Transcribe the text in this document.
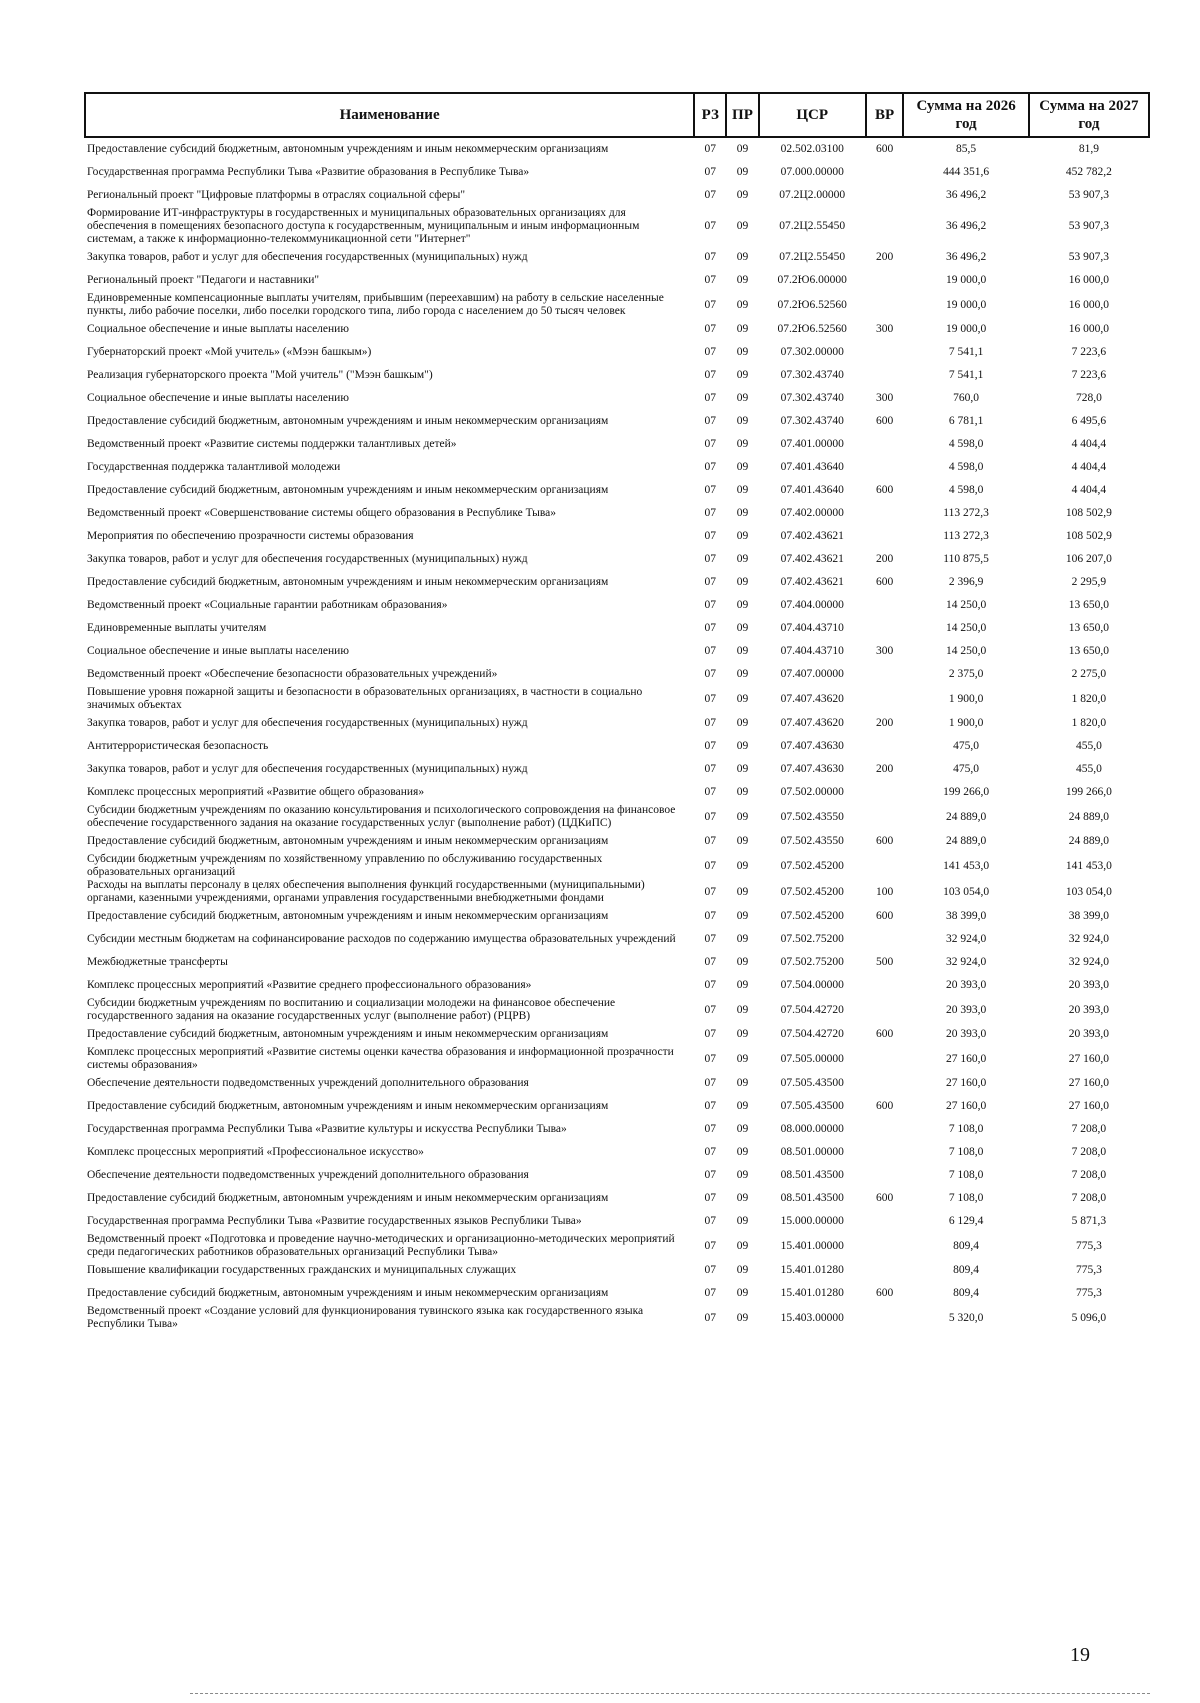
Наименование	РЗ	ПР	ЦСР	ВР	Сумма на 2026 год	Сумма на 2027 год
Предоставление субсидий бюджетным, автономным учреждениям и иным некоммерческим организациям	07	09	02.502.03100	600	85,5	81,9
Государственная программа Республики Тыва «Развитие образования в Республике Тыва»	07	09	07.000.00000		444 351,6	452 782,2
Региональный проект "Цифровые платформы в отраслях социальной сферы"	07	09	07.2Ц2.00000		36 496,2	53 907,3
Формирование ИТ-инфраструктуры в государственных и муниципальных образовательных организациях для обеспечения в помещениях безопасного доступа к государственным, муниципальным и иным информационным системам, а также к информационно-телекоммуникационной сети "Интернет"	07	09	07.2Ц2.55450		36 496,2	53 907,3
Закупка товаров, работ и услуг для обеспечения государственных (муниципальных) нужд	07	09	07.2Ц2.55450	200	36 496,2	53 907,3
Региональный проект "Педагоги и наставники"	07	09	07.2Ю6.00000		19 000,0	16 000,0
Единовременные компенсационные выплаты учителям, прибывшим (переехавшим) на работу в сельские населенные пункты, либо рабочие поселки, либо поселки городского типа, либо города с населением до 50 тысяч человек	07	09	07.2Ю6.52560		19 000,0	16 000,0
Социальное обеспечение и иные выплаты населению	07	09	07.2Ю6.52560	300	19 000,0	16 000,0
Губернаторский проект «Мой учитель» («Мээн башкым»)	07	09	07.302.00000		7 541,1	7 223,6
Реализация губернаторского проекта "Мой учитель" ("Мээн башкым")	07	09	07.302.43740		7 541,1	7 223,6
Социальное обеспечение и иные выплаты населению	07	09	07.302.43740	300	760,0	728,0
Предоставление субсидий бюджетным, автономным учреждениям и иным некоммерческим организациям	07	09	07.302.43740	600	6 781,1	6 495,6
Ведомственный проект «Развитие системы поддержки талантливых детей»	07	09	07.401.00000		4 598,0	4 404,4
Государственная поддержка талантливой молодежи	07	09	07.401.43640		4 598,0	4 404,4
Предоставление субсидий бюджетным, автономным учреждениям и иным некоммерческим организациям	07	09	07.401.43640	600	4 598,0	4 404,4
Ведомственный проект «Совершенствование системы общего образования в Республике Тыва»	07	09	07.402.00000		113 272,3	108 502,9
Мероприятия по обеспечению прозрачности системы образования	07	09	07.402.43621		113 272,3	108 502,9
Закупка товаров, работ и услуг для обеспечения государственных (муниципальных) нужд	07	09	07.402.43621	200	110 875,5	106 207,0
Предоставление субсидий бюджетным, автономным учреждениям и иным некоммерческим организациям	07	09	07.402.43621	600	2 396,9	2 295,9
Ведомственный проект «Социальные гарантии работникам образования»	07	09	07.404.00000		14 250,0	13 650,0
Единовременные выплаты учителям	07	09	07.404.43710		14 250,0	13 650,0
Социальное обеспечение и иные выплаты населению	07	09	07.404.43710	300	14 250,0	13 650,0
Ведомственный проект «Обеспечение безопасности образовательных учреждений»	07	09	07.407.00000		2 375,0	2 275,0
Повышение уровня пожарной защиты и безопасности в образовательных организациях, в частности в социально значимых объектах	07	09	07.407.43620		1 900,0	1 820,0
Закупка товаров, работ и услуг для обеспечения государственных (муниципальных) нужд	07	09	07.407.43620	200	1 900,0	1 820,0
Антитеррористическая безопасность	07	09	07.407.43630		475,0	455,0
Закупка товаров, работ и услуг для обеспечения государственных (муниципальных) нужд	07	09	07.407.43630	200	475,0	455,0
Комплекс процессных мероприятий «Развитие общего образования»	07	09	07.502.00000		199 266,0	199 266,0
Субсидии бюджетным учреждениям по оказанию консультирования и психологического сопровождения на финансовое обеспечение государственного задания на оказание государственных услуг (выполнение работ) (ЦДКиПС)	07	09	07.502.43550		24 889,0	24 889,0
Предоставление субсидий бюджетным, автономным учреждениям и иным некоммерческим организациям	07	09	07.502.43550	600	24 889,0	24 889,0
Субсидии бюджетным учреждениям по хозяйственному управлению по обслуживанию государственных образовательных организаций	07	09	07.502.45200		141 453,0	141 453,0
Расходы на выплаты персоналу в целях обеспечения выполнения функций государственными (муниципальными) органами, казенными учреждениями, органами управления государственными внебюджетными фондами	07	09	07.502.45200	100	103 054,0	103 054,0
Предоставление субсидий бюджетным, автономным учреждениям и иным некоммерческим организациям	07	09	07.502.45200	600	38 399,0	38 399,0
Субсидии местным бюджетам на софинансирование расходов по содержанию имущества образовательных учреждений	07	09	07.502.75200		32 924,0	32 924,0
Межбюджетные трансферты	07	09	07.502.75200	500	32 924,0	32 924,0
Комплекс процессных мероприятий «Развитие среднего профессионального образования»	07	09	07.504.00000		20 393,0	20 393,0
Субсидии бюджетным учреждениям по воспитанию и социализации молодежи на финансовое обеспечение государственного задания на оказание государственных услуг (выполнение работ) (РЦРВ)	07	09	07.504.42720		20 393,0	20 393,0
Предоставление субсидий бюджетным, автономным учреждениям и иным некоммерческим организациям	07	09	07.504.42720	600	20 393,0	20 393,0
Комплекс процессных мероприятий «Развитие системы оценки качества образования и информационной прозрачности системы образования»	07	09	07.505.00000		27 160,0	27 160,0
Обеспечение деятельности подведомственных учреждений дополнительного образования	07	09	07.505.43500		27 160,0	27 160,0
Предоставление субсидий бюджетным, автономным учреждениям и иным некоммерческим организациям	07	09	07.505.43500	600	27 160,0	27 160,0
Государственная программа Республики Тыва «Развитие культуры и искусства Республики Тыва»	07	09	08.000.00000		7 108,0	7 208,0
Комплекс процессных мероприятий «Профессиональное искусство»	07	09	08.501.00000		7 108,0	7 208,0
Обеспечение деятельности подведомственных учреждений дополнительного образования	07	09	08.501.43500		7 108,0	7 208,0
Предоставление субсидий бюджетным, автономным учреждениям и иным некоммерческим организациям	07	09	08.501.43500	600	7 108,0	7 208,0
Государственная программа Республики Тыва «Развитие государственных языков Республики Тыва»	07	09	15.000.00000		6 129,4	5 871,3
Ведомственный проект «Подготовка и проведение научно-методических и организационно-методических мероприятий среди педагогических работников образовательных организаций Республики Тыва»	07	09	15.401.00000		809,4	775,3
Повышение квалификации государственных гражданских и муниципальных служащих	07	09	15.401.01280		809,4	775,3
Предоставление субсидий бюджетным, автономным учреждениям и иным некоммерческим организациям	07	09	15.401.01280	600	809,4	775,3
Ведомственный проект «Создание условий для функционирования тувинского языка как государственного языка Республики Тыва»	07	09	15.403.00000		5 320,0	5 096,0
19
